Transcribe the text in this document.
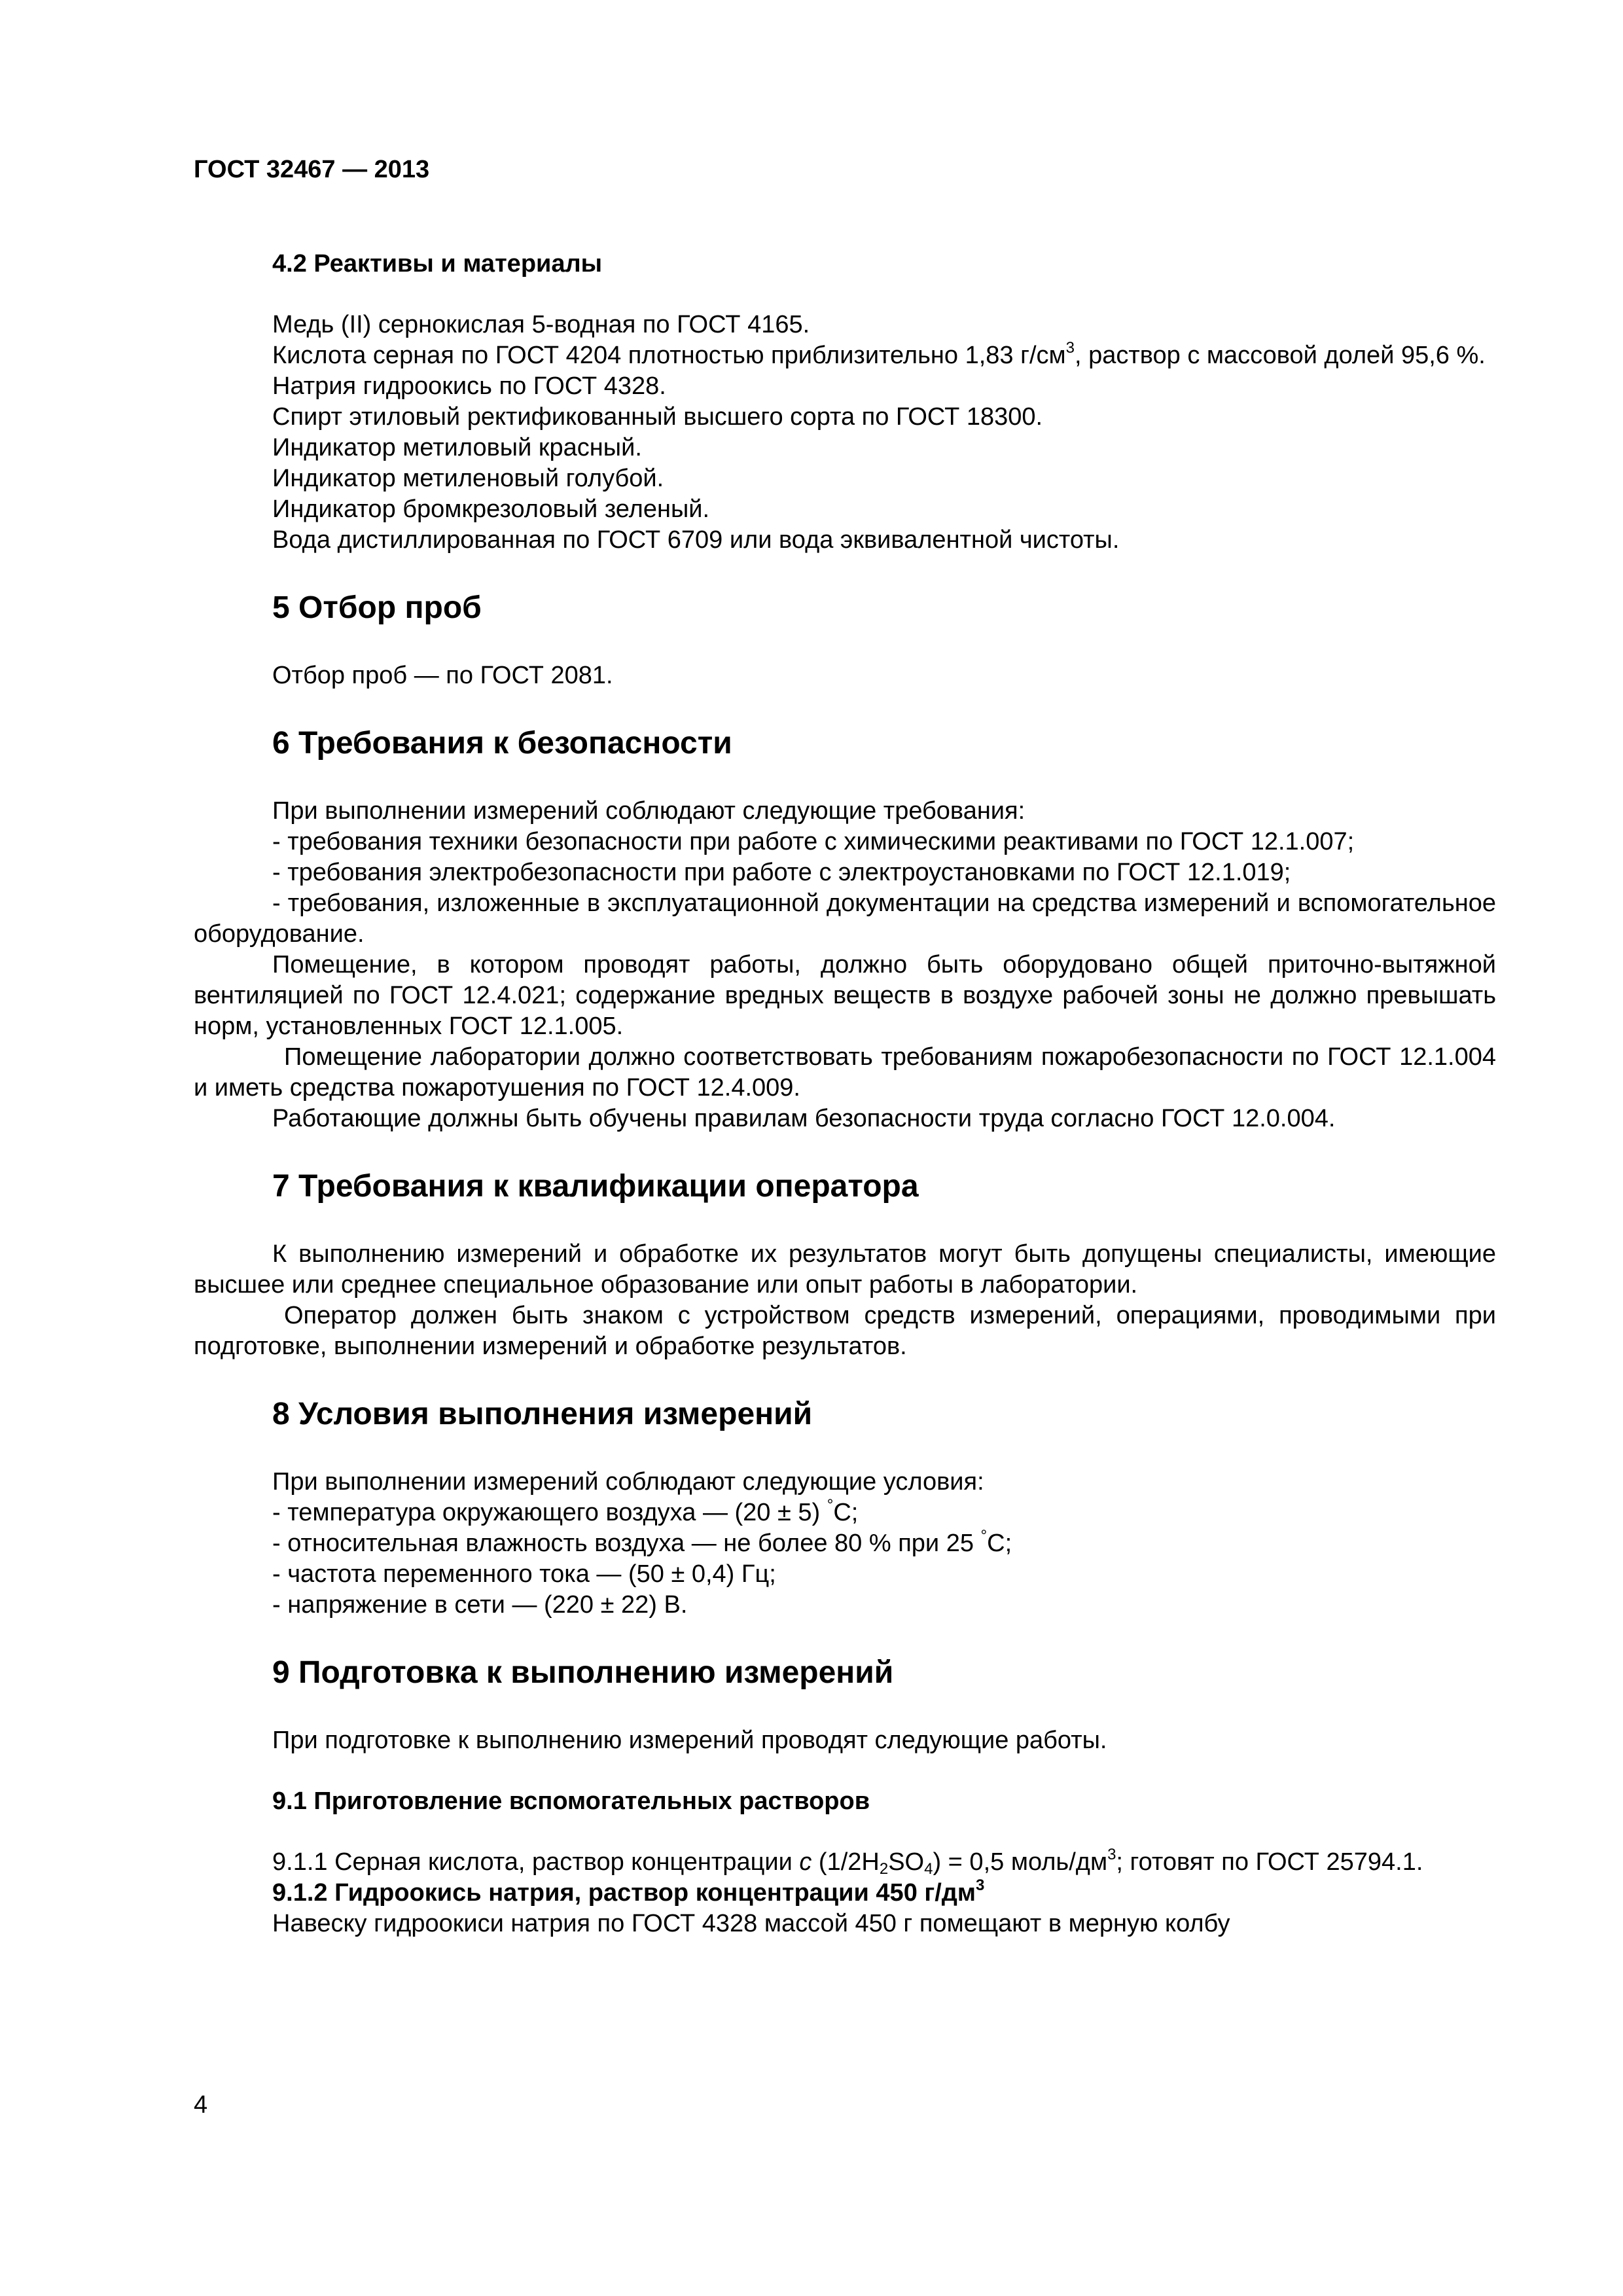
ГОСТ 32467 — 2013

4.2 Реактивы и материалы

Медь (II) сернокислая 5-водная по ГОСТ 4165.

Кислота серная по ГОСТ 4204 плотностью приблизительно 1,83 $г/см^3$, раствор с массовой долей 95,6 %.

Натрия гидроокись по ГОСТ 4328.

Спирт этиловый ректификованный высшего сорта по ГОСТ 18300.

Индикатор метиловый красный.

Индикатор метиленовый голубой.

Индикатор бромкрезоловый зеленый.

Вода дистиллированная по ГОСТ 6709 или вода эквивалентной чистоты.

5 Отбор проб

Отбор проб — по ГОСТ 2081.

6 Требования к безопасности

При выполнении измерений соблюдают следующие требования:

- требования техники безопасности при работе с химическими реактивами по ГОСТ 12.1.007;

- требования электробезопасности при работе с электроустановками по ГОСТ 12.1.019;

- требования, изложенные в эксплуатационной документации на средства измерений и вспомогательное оборудование.

Помещение, в котором проводят работы, должно быть оборудовано общей приточно-вытяжной вентиляцией по ГОСТ 12.4.021; содержание вредных веществ в воздухе рабочей зоны не должно превышать норм, установленных ГОСТ 12.1.005.

Помещение лаборатории должно соответствовать требованиям пожаробезопасности по ГОСТ 12.1.004 и иметь средства пожаротушения по ГОСТ 12.4.009.

Работающие должны быть обучены правилам безопасности труда согласно ГОСТ 12.0.004.

7 Требования к квалификации оператора

К выполнению измерений и обработке их результатов могут быть допущены специалисты, имеющие высшее или среднее специальное образование или опыт работы в лаборатории.

Оператор должен быть знаком с устройством средств измерений, операциями, проводимыми при подготовке, выполнении измерений и обработке результатов.

8 Условия выполнения измерений

При выполнении измерений соблюдают следующие условия:

- температура окружающего воздуха — (20 ± 5) °С;

- относительная влажность воздуха — не более 80 % при 25 °С;

- частота переменного тока — (50 ± 0,4) Гц;

- напряжение в сети — (220 ± 22) В.

9 Подготовка к выполнению измерений

При подготовке к выполнению измерений проводят следующие работы.

9.1 Приготовление вспомогательных растворов

9.1.1 Серная кислота, раствор концентрации с $(1/2H_2SO_4) = 0,5$ моль/$дм^3$; готовят по ГОСТ 25794.1.

9.1.2 Гидроокись натрия, раствор концентрации 450 $г/дм^3$

Навеску гидроокиси натрия по ГОСТ 4328 массой 450 г помещают в мерную колбу

4
